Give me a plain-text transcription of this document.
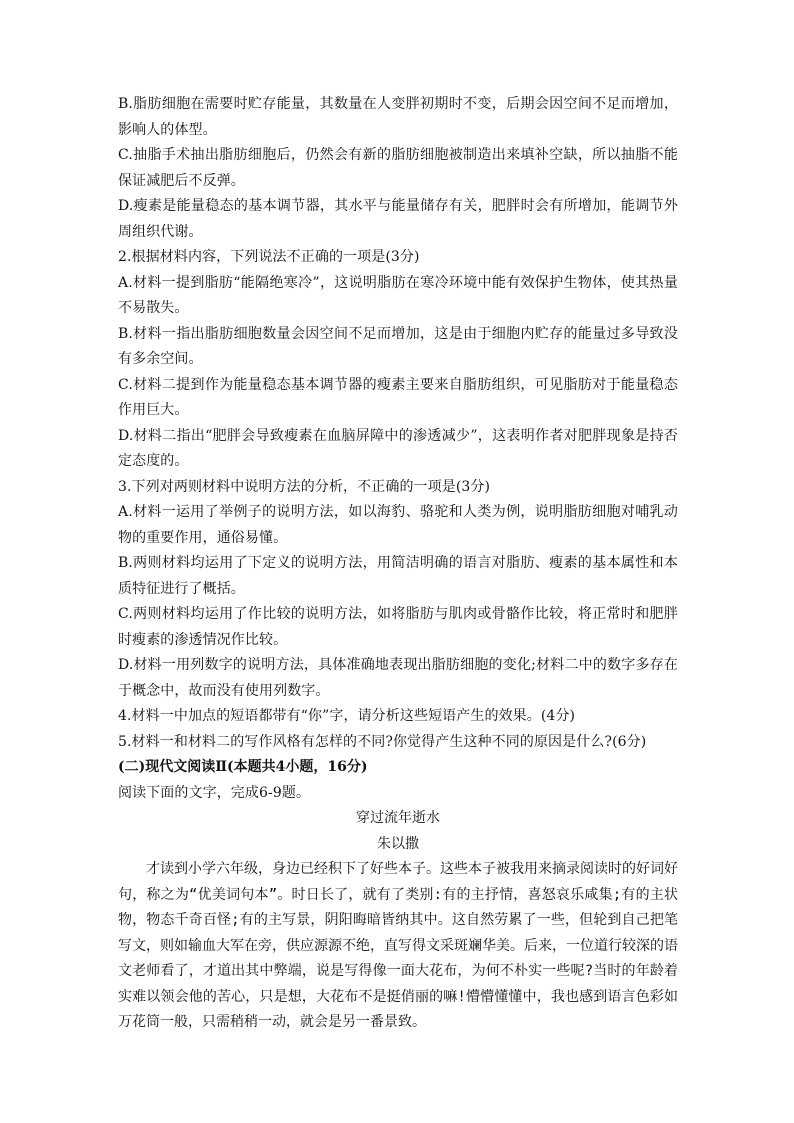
B.脂肪细胞在需要时贮存能量，其数量在人变胖初期时不变，后期会因空间不足而增加，影响人的体型。

C.抽脂手术抽出脂肪细胞后，仍然会有新的脂肪细胞被制造出来填补空缺，所以抽脂不能保证减肥后不反弹。

D.瘦素是能量稳态的基本调节器，其水平与能量储存有关，肥胖时会有所增加，能调节外周组织代谢。

2.根据材料内容，下列说法不正确的一项是(3分)

A.材料一提到脂肪“能隔绝寒冷”，这说明脂肪在寒冷环境中能有效保护生物体，使其热量不易散失。

B.材料一指出脂肪细胞数量会因空间不足而增加，这是由于细胞内贮存的能量过多导致没有多余空间。

C.材料二提到作为能量稳态基本调节器的瘦素主要来自脂肪组织，可见脂肪对于能量稳态作用巨大。

D.材料二指出“肥胖会导致瘦素在血脑屏障中的渗透减少”，这表明作者对肥胖现象是持否定态度的。

3.下列对两则材料中说明方法的分析，不正确的一项是(3分)

A.材料一运用了举例子的说明方法，如以海豹、骆驼和人类为例，说明脂肪细胞对哺乳动物的重要作用，通俗易懂。

B.两则材料均运用了下定义的说明方法，用简洁明确的语言对脂肪、瘦素的基本属性和本质特征进行了概括。

C.两则材料均运用了作比较的说明方法，如将脂肪与肌肉或骨骼作比较，将正常时和肥胖时瘦素的渗透情况作比较。

D.材料一用列数字的说明方法，具体准确地表现出脂肪细胞的变化;材料二中的数字多存在于概念中，故而没有使用列数字。

4.材料一中加点的短语都带有“你”字，请分析这些短语产生的效果。(4分)

5.材料一和材料二的写作风格有怎样的不同?你觉得产生这种不同的原因是什么?(6分)

(二)现代文阅读Ⅱ(本题共4小题，16分)

阅读下面的文字，完成6-9题。

穿过流年逝水

朱以撒

才读到小学六年级，身边已经积下了好些本子。这些本子被我用来摘录阅读时的好词好句，称之为“优美词句本”。时日长了，就有了类别:有的主抒情，喜怒哀乐咸集;有的主状物，物态千奇百怪;有的主写景，阴阳晦暗皆纳其中。这自然劳累了一些，但轮到自己把笔写文，则如输血大军在旁，供应源源不绝，直写得文采斑斓华美。后来，一位道行较深的语文老师看了，才道出其中弊端，说是写得像一面大花布，为何不朴实一些呢?当时的年龄着实难以领会他的苦心，只是想，大花布不是挺俏丽的嘛!懵懵懂懂中，我也感到语言色彩如万花筒一般，只需稍稍一动，就会是另一番景致。
